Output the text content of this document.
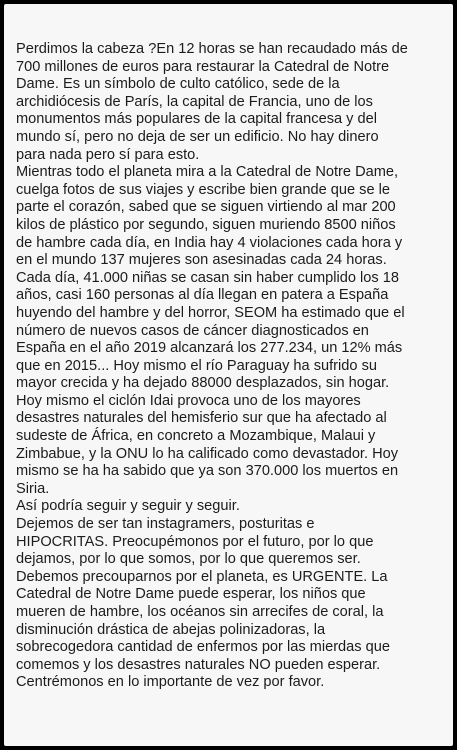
Perdimos la cabeza ?En 12 horas se han recaudado más de
700 millones de euros para restaurar la Catedral de Notre
Dame. Es un símbolo de culto católico, sede de la
archidiócesis de París, la capital de Francia, uno de los
monumentos más populares de la capital francesa y del
mundo sí, pero no deja de ser un edificio. No hay dinero
para nada pero sí para esto.
Mientras todo el planeta mira a la Catedral de Notre Dame,
cuelga fotos de sus viajes y escribe bien grande que se le
parte el corazón, sabed que se siguen virtiendo al mar 200
kilos de plástico por segundo, siguen muriendo 8500 niños
de hambre cada día, en India hay 4 violaciones cada hora y
en el mundo 137 mujeres son asesinadas cada 24 horas.
Cada día, 41.000 niñas se casan sin haber cumplido los 18
años, casi 160 personas al día llegan en patera a España
huyendo del hambre y del horror, SEOM ha estimado que el
número de nuevos casos de cáncer diagnosticados en
España en el año 2019 alcanzará los 277.234, un 12% más
que en 2015... Hoy mismo el río Paraguay ha sufrido su
mayor crecida y ha dejado 88000 desplazados, sin hogar.
Hoy mismo el ciclón Idai provoca uno de los mayores
desastres naturales del hemisferio sur que ha afectado al
sudeste de África, en concreto a Mozambique, Malaui y
Zimbabue, y la ONU lo ha calificado como devastador. Hoy
mismo se ha ha sabido que ya son 370.000 los muertos en
Siria.
Así podría seguir y seguir y seguir.
Dejemos de ser tan instagramers, posturitas e
HIPOCRITAS. Preocupémonos por el futuro, por lo que
dejamos, por lo que somos, por lo que queremos ser.
Debemos precouparnos por el planeta, es URGENTE. La
Catedral de Notre Dame puede esperar, los niños que
mueren de hambre, los océanos sin arrecifes de coral, la
disminución drástica de abejas polinizadoras, la
sobrecogedora cantidad de enfermos por las mierdas que
comemos y los desastres naturales NO pueden esperar.
Centrémonos en lo importante de vez por favor.
